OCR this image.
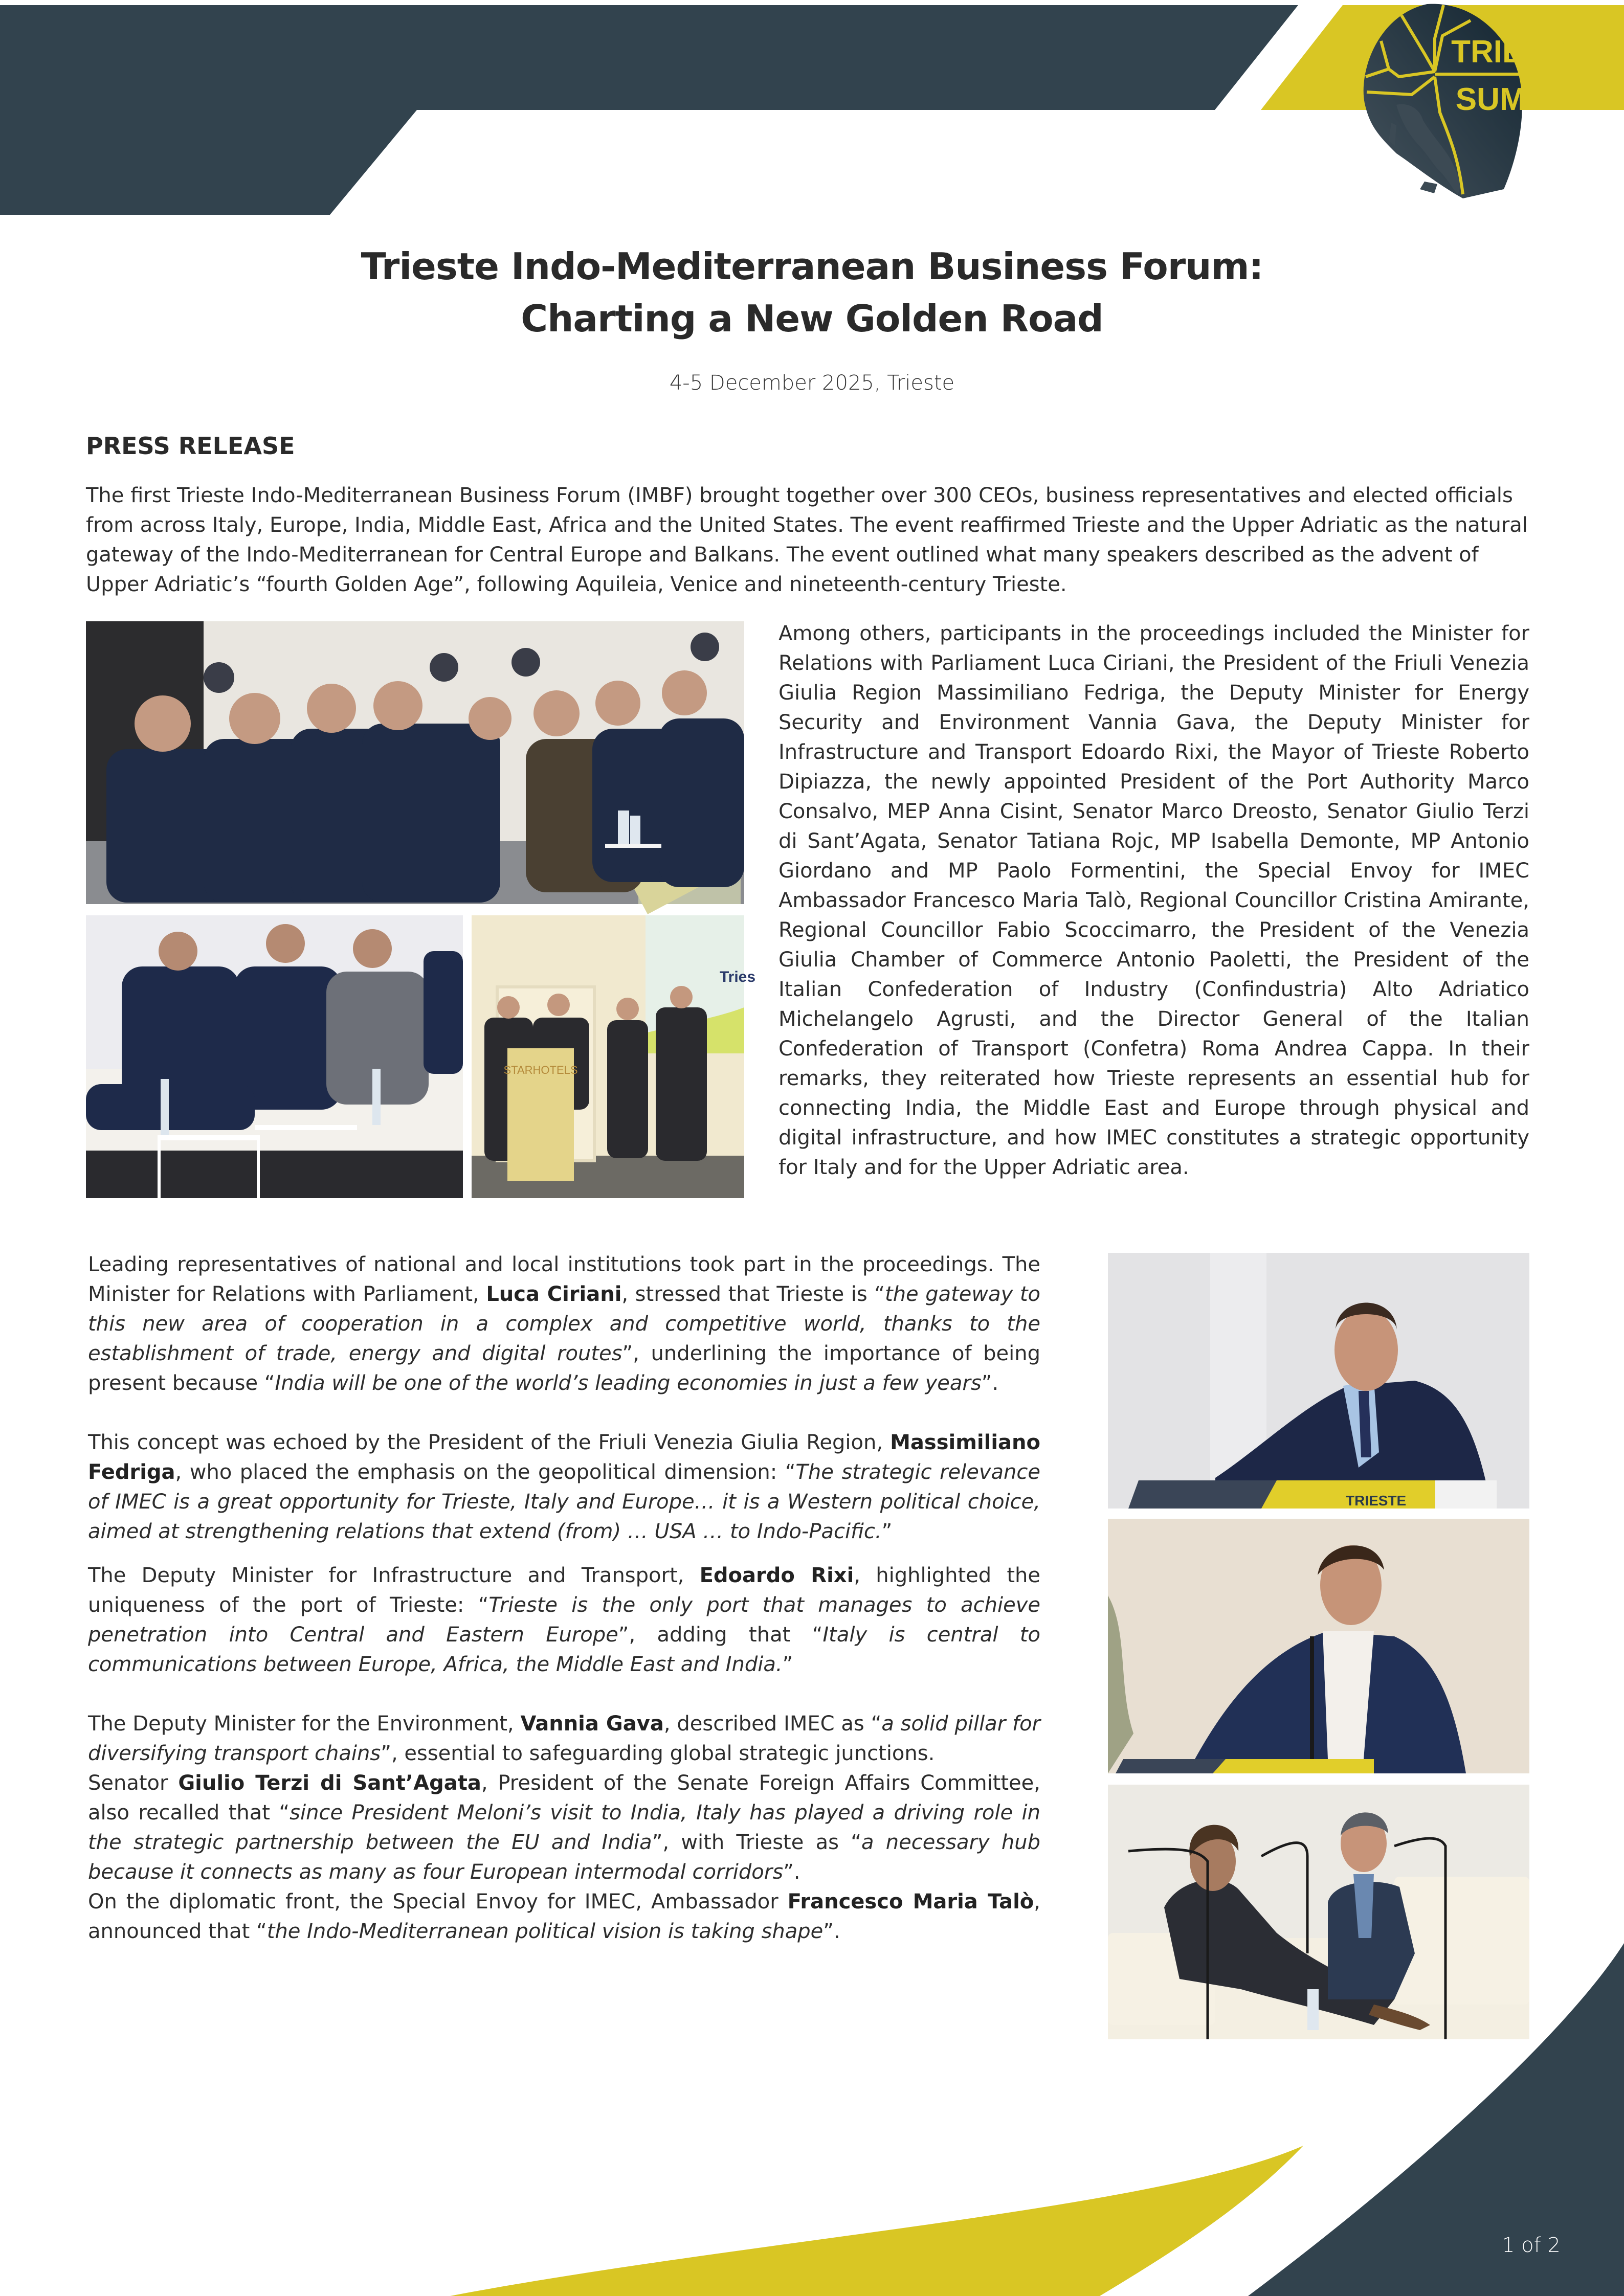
TRIESTE
SUMMIT
Trieste Indo-Mediterranean Business Forum:
Charting a New Golden Road
4-5 December 2025, Trieste
PRESS RELEASE
The first Trieste Indo-Mediterranean Business Forum (IMBF) brought together over 300 CEOs, business representatives and elected officials from across Italy, Europe, India, Middle East, Africa and the United States. The event reaffirmed Trieste and the Upper Adriatic as the natural gateway of the Indo-Mediterranean for Central Europe and Balkans. The event outlined what many speakers described as the advent of Upper Adriatic’s “fourth Golden Age”, following Aquileia, Venice and nineteenth-century Trieste.
Tries
STARHOTELS
Among others, participants in the proceedings included the Minister for Relations with Parliament Luca Ciriani, the President of the Friuli Venezia Giulia Region Massimiliano Fedriga, the Deputy Minister for Energy Security and Environment Vannia Gava, the Deputy Minister for Infrastructure and Transport Edoardo Rixi, the Mayor of Trieste Roberto Dipiazza, the newly appointed President of the Port Authority Marco Consalvo, MEP Anna Cisint, Senator Marco Dreosto, Senator Giulio Terzi di Sant’Agata, Senator Tatiana Rojc, MP Isabella Demonte, MP Antonio Giordano and MP Paolo Formentini, the Special Envoy for IMEC Ambassador Francesco Maria Talò, Regional Councillor Cristina Amirante, Regional Councillor Fabio Scoccimarro, the President of the Venezia Giulia Chamber of Commerce Antonio Paoletti, the President of the Italian Confederation of Industry (Confindustria) Alto Adriatico Michelangelo Agrusti, and the Director General of the Italian Confederation of Transport (Confetra) Roma Andrea Cappa. In their remarks, they reiterated how Trieste represents an essential hub for connecting India, the Middle East and Europe through physical and digital infrastructure, and how IMEC constitutes a strategic opportunity for Italy and for the Upper Adriatic area.

Leading representatives of national and local institutions took part in the proceedings. The Minister for Relations with Parliament, Luca Ciriani, stressed that Trieste is “the gateway to this new area of cooperation in a complex and competitive world, thanks to the establishment of trade, energy and digital routes”, underlining the importance of being present because “India will be one of the world’s leading economies in just a few years”.

This concept was echoed by the President of the Friuli Venezia Giulia Region, Massimiliano Fedriga, who placed the emphasis on the geopolitical dimension: “The strategic relevance of IMEC is a great opportunity for Trieste, Italy and Europe… it is a Western political choice, aimed at strengthening relations that extend (from) … USA … to Indo-Pacific.”

The Deputy Minister for Infrastructure and Transport, Edoardo Rixi, highlighted the uniqueness of the port of Trieste: “Trieste is the only port that manages to achieve penetration into Central and Eastern Europe”, adding that “Italy is central to communications between Europe, Africa, the Middle East and India.”

The Deputy Minister for the Environment, Vannia Gava, described IMEC as “a solid pillar for diversifying transport chains”, essential to safeguarding global strategic junctions.

Senator Giulio Terzi di Sant’Agata, President of the Senate Foreign Affairs Committee, also recalled that “since President Meloni’s visit to India, Italy has played a driving role in the strategic partnership between the EU and India”, with Trieste as “a necessary hub because it connects as many as four European intermodal corridors”.

On the diplomatic front, the Special Envoy for IMEC, Ambassador Francesco Maria Talò, announced that “the Indo-Mediterranean political vision is taking shape”.

TRIESTE
1 of 2
